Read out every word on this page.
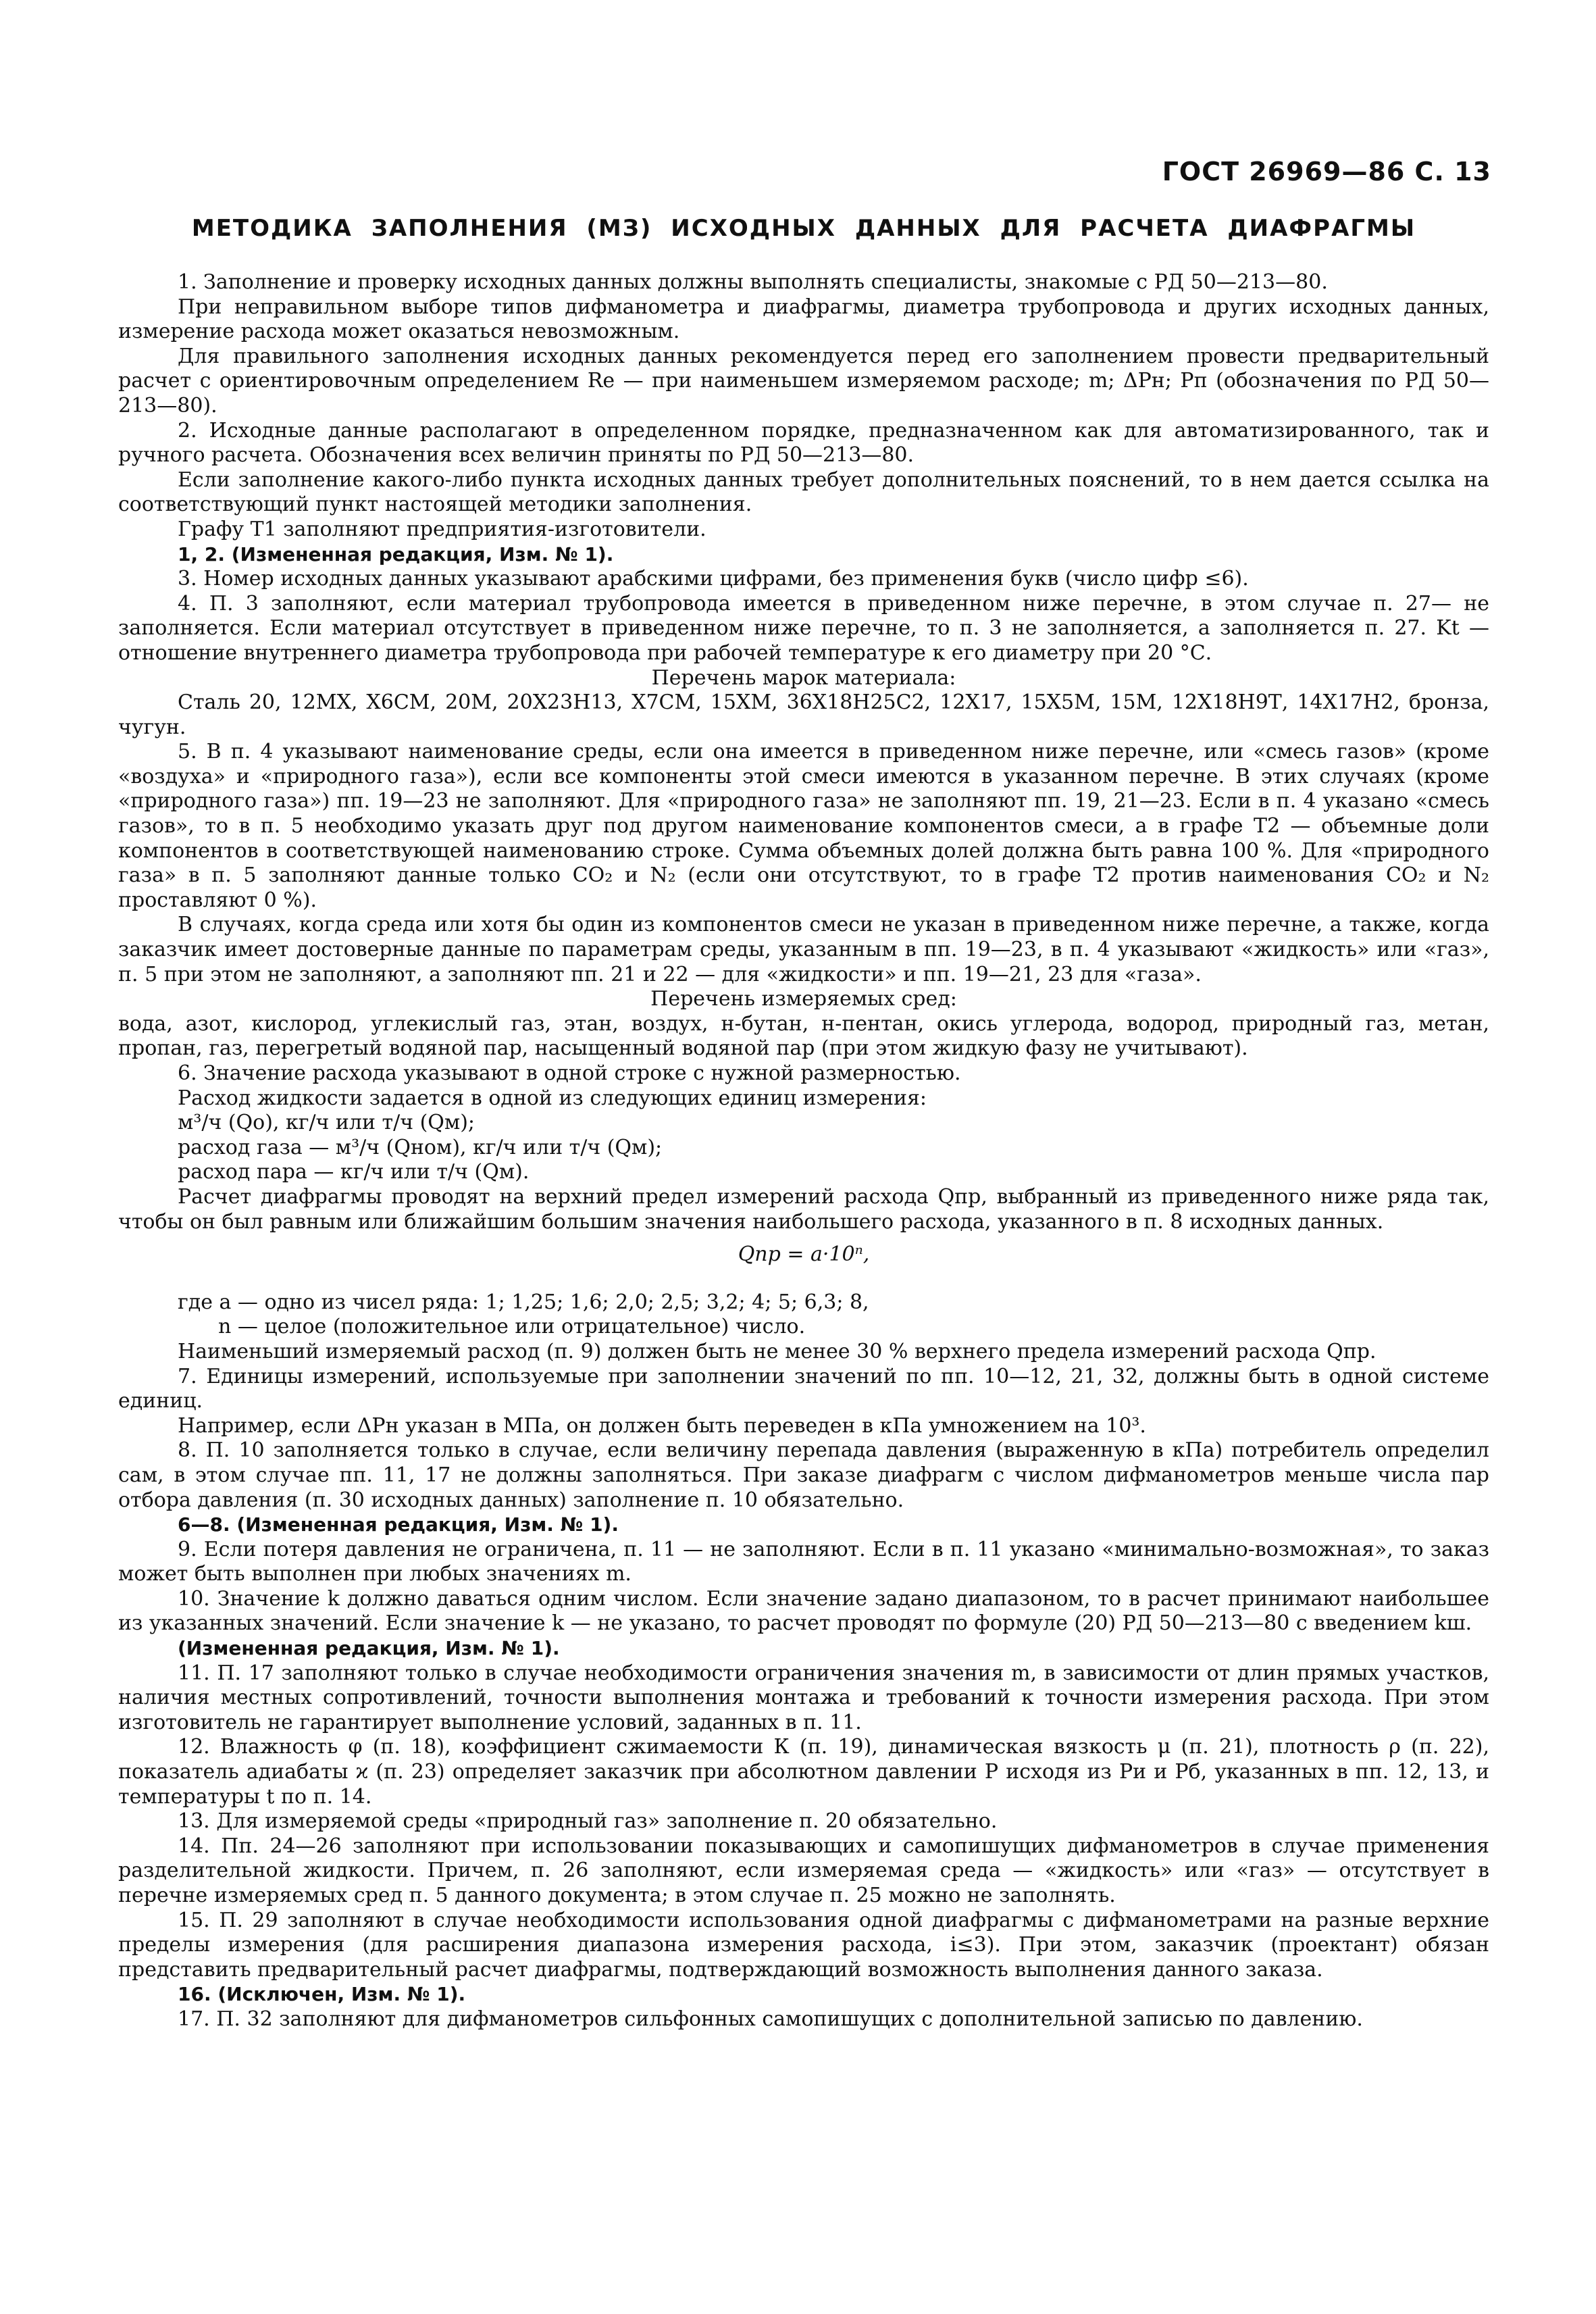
ГОСТ 26969—86 С. 13
МЕТОДИКА ЗАПОЛНЕНИЯ (МЗ) ИСХОДНЫХ ДАННЫХ ДЛЯ РАСЧЕТА ДИАФРАГМЫ

1. Заполнение и проверку исходных данных должны выполнять специалисты, знакомые с РД 50—213—80.

При неправильном выборе типов дифманометра и диафрагмы, диаметра трубопровода и других исходных данных, измерение расхода может оказаться невозможным.

Для правильного заполнения исходных данных рекомендуется перед его заполнением провести предварительный расчет с ориентировочным определением Re — при наименьшем измеряемом расходе; m; ΔPн; Pп (обозначения по РД 50—213—80).

2. Исходные данные располагают в определенном порядке, предназначенном как для автоматизированного, так и ручного расчета. Обозначения всех величин приняты по РД 50—213—80.

Если заполнение какого-либо пункта исходных данных требует дополнительных пояснений, то в нем дается ссылка на соответствующий пункт настоящей методики заполнения.

Графу Т1 заполняют предприятия-изготовители.

1, 2. (Измененная редакция, Изм. № 1).

3. Номер исходных данных указывают арабскими цифрами, без применения букв (число цифр ≤6).

4. П. 3 заполняют, если материал трубопровода имеется в приведенном ниже перечне, в этом случае п. 27— не заполняется. Если материал отсутствует в приведенном ниже перечне, то п. 3 не заполняется, а заполняется п. 27. Kt — отношение внутреннего диаметра трубопровода при рабочей температуре к его диаметру при 20 °С.

Перечень марок материала:

Сталь 20, 12МХ, Х6СМ, 20М, 20Х23Н13, Х7СМ, 15ХМ, 36Х18Н25С2, 12Х17, 15Х5М, 15М, 12Х18Н9Т, 14Х17Н2, бронза, чугун.

5. В п. 4 указывают наименование среды, если она имеется в приведенном ниже перечне, или «смесь газов» (кроме «воздуха» и «природного газа»), если все компоненты этой смеси имеются в указанном перечне. В этих случаях (кроме «природного газа») пп. 19—23 не заполняют. Для «природного газа» не заполняют пп. 19, 21—23. Если в п. 4 указано «смесь газов», то в п. 5 необходимо указать друг под другом наименование компонентов смеси, а в графе Т2 — объемные доли компонентов в соответствующей наименованию строке. Сумма объемных долей должна быть равна 100 %. Для «природного газа» в п. 5 заполняют данные только CO₂ и N₂ (если они отсутствуют, то в графе Т2 против наименования CO₂ и N₂ проставляют 0 %).

В случаях, когда среда или хотя бы один из компонентов смеси не указан в приведенном ниже перечне, а также, когда заказчик имеет достоверные данные по параметрам среды, указанным в пп. 19—23, в п. 4 указывают «жидкость» или «газ», п. 5 при этом не заполняют, а заполняют пп. 21 и 22 — для «жидкости» и пп. 19—21, 23 для «газа».

Перечень измеряемых сред:

вода, азот, кислород, углекислый газ, этан, воздух, н-бутан, н-пентан, окись углерода, водород, природный газ, метан, пропан, газ, перегретый водяной пар, насыщенный водяной пар (при этом жидкую фазу не учитывают).

6. Значение расхода указывают в одной строке с нужной размерностью.

Расход жидкости задается в одной из следующих единиц измерения:

м³/ч (Qo), кг/ч или т/ч (Qм);

расход газа — м³/ч (Qном), кг/ч или т/ч (Qм);

расход пара — кг/ч или т/ч (Qм).

Расчет диафрагмы проводят на верхний предел измерений расхода Qпр, выбранный из приведенного ниже ряда так, чтобы он был равным или ближайшим большим значения наибольшего расхода, указанного в п. 8 исходных данных.

Qпр = a·10ⁿ,

где a — одно из чисел ряда: 1; 1,25; 1,6; 2,0; 2,5; 3,2; 4; 5; 6,3; 8,

n — целое (положительное или отрицательное) число.

Наименьший измеряемый расход (п. 9) должен быть не менее 30 % верхнего предела измерений расхода Qпр.

7. Единицы измерений, используемые при заполнении значений по пп. 10—12, 21, 32, должны быть в одной системе единиц.

Например, если ΔPн указан в МПа, он должен быть переведен в кПа умножением на 10³.

8. П. 10 заполняется только в случае, если величину перепада давления (выраженную в кПа) потребитель определил сам, в этом случае пп. 11, 17 не должны заполняться. При заказе диафрагм с числом дифманометров меньше числа пар отбора давления (п. 30 исходных данных) заполнение п. 10 обязательно.

6—8. (Измененная редакция, Изм. № 1).

9. Если потеря давления не ограничена, п. 11 — не заполняют. Если в п. 11 указано «минимально-возможная», то заказ может быть выполнен при любых значениях m.

10. Значение k должно даваться одним числом. Если значение задано диапазоном, то в расчет принимают наибольшее из указанных значений. Если значение k — не указано, то расчет проводят по формуле (20) РД 50—213—80 с введением kш.

(Измененная редакция, Изм. № 1).

11. П. 17 заполняют только в случае необходимости ограничения значения m, в зависимости от длин прямых участков, наличия местных сопротивлений, точности выполнения монтажа и требований к точности измерения расхода. При этом изготовитель не гарантирует выполнение условий, заданных в п. 11.

12. Влажность φ (п. 18), коэффициент сжимаемости К (п. 19), динамическая вязкость μ (п. 21), плотность ρ (п. 22), показатель адиабаты ϰ (п. 23) определяет заказчик при абсолютном давлении P исходя из Pи и Pб, указанных в пп. 12, 13, и температуры t по п. 14.

13. Для измеряемой среды «природный газ» заполнение п. 20 обязательно.

14. Пп. 24—26 заполняют при использовании показывающих и самопишущих дифманометров в случае применения разделительной жидкости. Причем, п. 26 заполняют, если измеряемая среда — «жидкость» или «газ» — отсутствует в перечне измеряемых сред п. 5 данного документа; в этом случае п. 25 можно не заполнять.

15. П. 29 заполняют в случае необходимости использования одной диафрагмы с дифманометрами на разные верхние пределы измерения (для расширения диапазона измерения расхода, i≤3). При этом, заказчик (проектант) обязан представить предварительный расчет диафрагмы, подтверждающий возможность выполнения данного заказа.

16. (Исключен, Изм. № 1).

17. П. 32 заполняют для дифманометров сильфонных самопишущих с дополнительной записью по давлению.
